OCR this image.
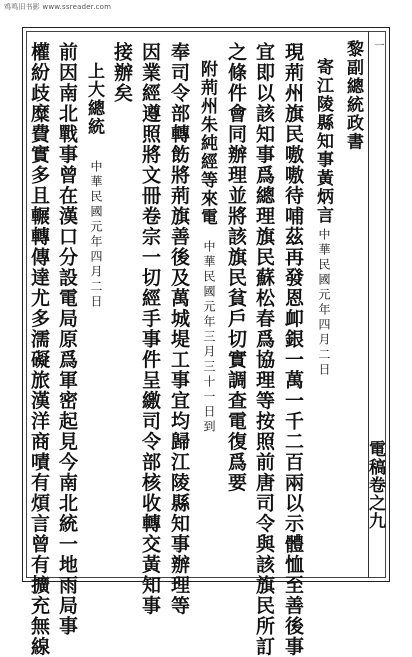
鸡鸣旧书影 www.ssreader.com
電稿卷之九
一
黎副總統政書
寄江陵縣知事黃炳言
中華民國元年四月二日
現荊州旗民嗷嗷待哺茲再發恩卹銀一萬一千二百兩以示體恤至善後事
宜即以該知事爲總理旗民蘇松春爲協理等按照前唐司令與該旗民所訂
之條件會同辦理並將該旗民貧戶切實調查電復爲要
附荊州朱純經等來電
中華民國元年三月三十一日到
奉司令部轉飭將荊旗善後及萬城堤工事宜均歸江陵縣知事辦理等
因業經遵照將文冊卷宗一切經手事件呈繳司令部核收轉交黃知事
接辦矣
上大總統
中華民國元年四月二日
前因南北戰事曾在漢口分設電局原爲軍密起見今南北統一地雨局事
權紛歧糜費實多且輾轉傳達尤多濡礙旅漢洋商嘖有煩言曾有擴充無線
